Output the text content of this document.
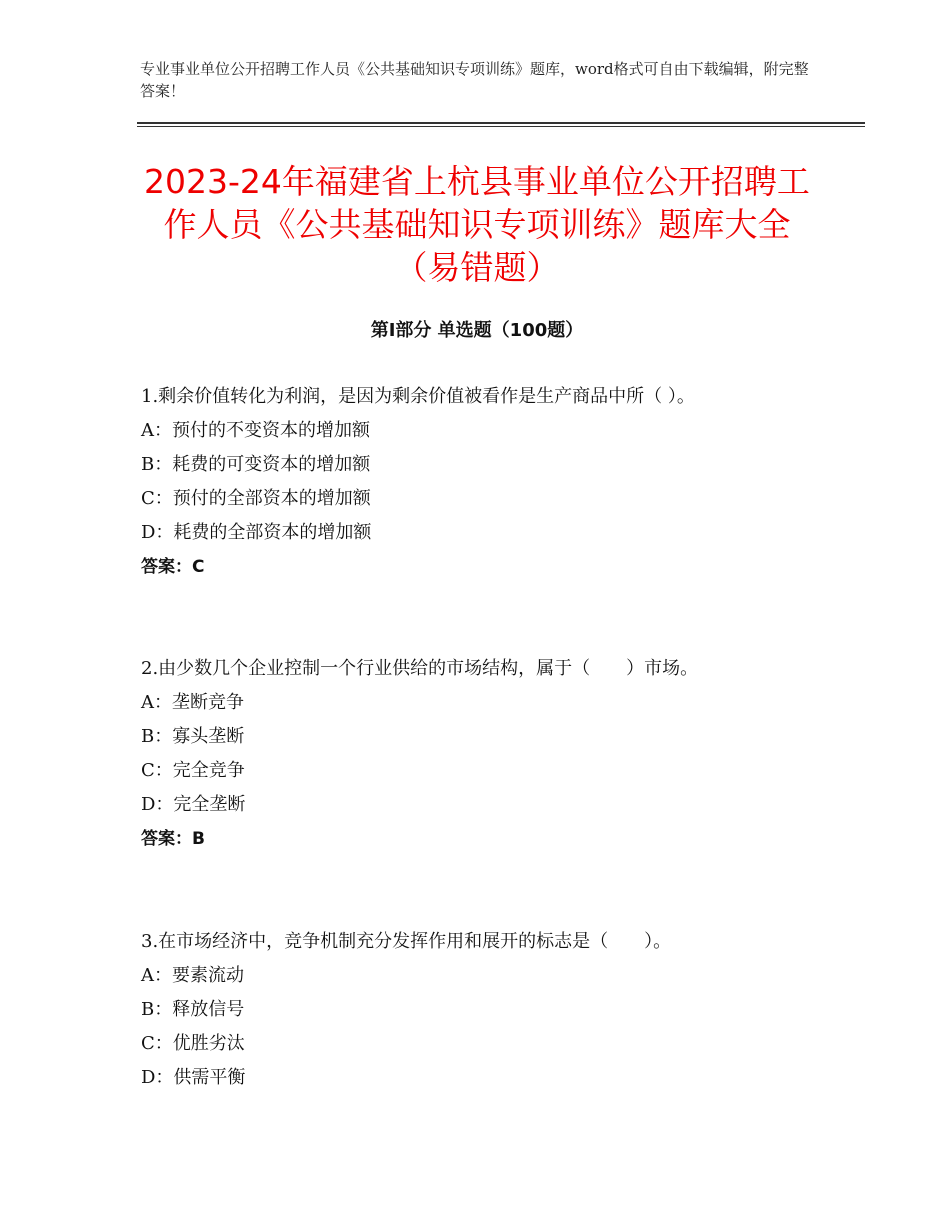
专业事业单位公开招聘工作人员《公共基础知识专项训练》题库，word格式可自由下载编辑，附完整答案！
2023-24年福建省上杭县事业单位公开招聘工作人员《公共基础知识专项训练》题库大全（易错题）
第Ⅰ部分 单选题（100题）
1.剩余价值转化为利润，是因为剩余价值被看作是生产商品中所（ ）。
A：预付的不变资本的增加额
B：耗费的可变资本的增加额
C：预付的全部资本的增加额
D：耗费的全部资本的增加额
答案：C
2.由少数几个企业控制一个行业供给的市场结构，属于（　　）市场。
A：垄断竞争
B：寡头垄断
C：完全竞争
D：完全垄断
答案：B
3.在市场经济中，竞争机制充分发挥作用和展开的标志是（　　）。
A：要素流动
B：释放信号
C：优胜劣汰
D：供需平衡
